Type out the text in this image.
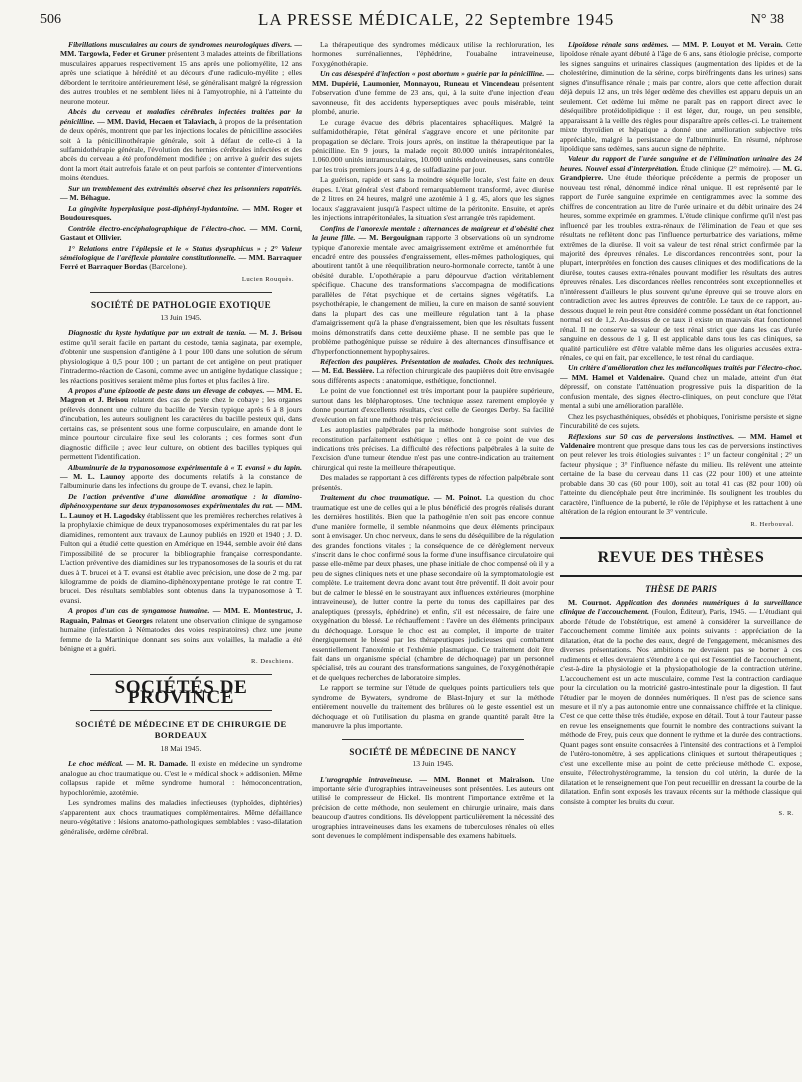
506	LA PRESSE MÉDICALE, 22 Septembre 1945	N° 38

Fibrillations musculaires au cours de syndromes neurologiques divers. — MM. Targowla, Feder et Gruner présentent 3 malades atteints de fibrillations musculaires apparues respectivement 15 ans après une poliomyélite, 12 ans après une sciatique à hérédité et au décours d'une radiculo-myélite ; elles débordent le territoire antérieurement lésé, se généralisant malgré la régression des autres troubles et ne semblent liées ni à l'amyotrophie, ni à l'atteinte du neurone moteur.

Abcès du cerveau et maladies cérébrales infectées traitées par la pénicilline. — MM. David, Hecaen et Talaviach, à propos de la présentation de deux opérés, montrent que par les injections locales de pénicilline associées soit à la pénicillinothérapie générale, soit à défaut de celle-ci à la sulfamidothérapie générale, l'évolution des hernies cérébrales infectées et des abcès du cerveau a été profondément modifiée ; on arrive à guérir des sujets dont la mort était autrefois fatale et on peut parfois se contenter d'interventions moins étendues.

Sur un tremblement des extrémités observé chez les prisonniers rapatriés. — M. Béhague.

La gingivite hyperplasique post-diphényl-hydantoïne. — MM. Roger et Boudouresques.

Contrôle électro-encéphalographique de l'électro-choc. — MM. Corni, Gastaut et Ollivier.

1° Relations entre l'épilepsie et le « Status dysraphicus » ; 2° Valeur séméiologique de l'aréflexie plantaire constitutionnelle. — MM. Barraquer Ferré et Barraquer Bordas (Barcelone).

Lucien Rouquès.

SOCIÉTÉ DE PATHOLOGIE EXOTIQUE
13 Juin 1945.

Diagnostic du kyste hydatique par un extrait de tænia. — M. J. Brisou estime qu'il serait facile en partant du cestode, tænia saginata, par exemple, d'obtenir une suspension d'antigène à 1 pour 100 dans une solution de sérum physiologique à 0,5 pour 100 ; un partant de cet antigène on peut pratiquer l'intradermo-réaction de Casoni, comme avec un antigène hydatique classique ; les réactions positives seraient même plus fortes et plus faciles à lire.

A propos d'une épizootie de peste dans un élevage de cobayes. — MM. E. Magron et J. Brisou relatent des cas de peste chez le cobaye ; les organes prélevés donnent une culture du bacille de Yersin typique après 6 à 8 jours d'incubation, les auteurs soulignent les caractères du bacille pesteux qui, dans certains cas, se présentent sous une forme corpusculaire, en amande dont le mince pourtour circulaire fixe seul les colorants ; ces formes sont d'un diagnostic difficile ; avec leur culture, on obtient des bacilles typiques qui permettent l'identification.

Albuminurie de la trypanosomose expérimentale à « T. evansi » du lapin. — M. L. Launoy apporte des documents relatifs à la constance de l'albuminurie dans les infections du groupe de T. evansi, chez le lapin.

De l'action préventive d'une diamidine aromatique : la diamino-diphénoxypentane sur deux trypanosomoses expérimentales du rat. — MM. L. Launoy et H. Lagodsky établissent que les premières recherches relatives à la prophylaxie chimique de deux trypanosomoses expérimentales du rat par les diamidines, remontent aux travaux de Launoy publiés en 1920 et 1940 ; J. D. Fulton qui a étudié cette question en Amérique en 1944, semble avoir été dans l'impossibilité de se procurer la bibliographie française correspondante. L'action préventive des diamidines sur les trypanosomoses de la souris et du rat dues à T. brucei et à T. evansi est établie avec précision, une dose de 2 mg. par kilogramme de poids de diamino-diphénoxypentane protège le rat contre T. brucei. Des résultats semblables sont obtenus dans la trypanosomose à T. evansi.

A propos d'un cas de syngamose humaine. — MM. E. Montestruc, J. Raguain, Palmas et Georges relatent une observation clinique de syngamose humaine (infestation à Nématodes des voies respiratoires) chez une jeune femme de la Martinique donnant ses soins aux volailles, la maladie a été bénigne et a guéri.

R. Deschiens.

SOCIÉTÉS DE PROVINCE
SOCIÉTÉ DE MÉDECINE ET DE CHIRURGIE DE BORDEAUX
18 Mai 1945.

Le choc médical. — M. R. Damade. Il existe en médecine un syndrome analogue au choc traumatique ou. C'est le « médical shock » addisonien. Même collapsus rapide et même syndrome humoral : hémoconcentration, hypochlorémie, azotémie.

Les syndromes malins des maladies infectieuses (typhoïdes, diphtéries) s'apparentent aux chocs traumatiques complémentaires. Même défaillance neuro-végétative : lésions anatomo-pathologiques semblables : vaso-dilatation généralisée, œdème cérébral.

La thérapeutique des syndromes médicaux utilise la rechloruration, les hormones surrénaliennes, l'éphédrine, l'ouabaïne intraveineuse, l'oxygénothérapie.

Un cas désespéré d'infection « post abortum » guérie par la pénicilline. — MM. Dupérié, Laumonier, Monnayou, Runeau et Vincendeau présentent l'observation d'une femme de 23 ans, qui, à la suite d'une injection d'eau savonneuse, fit des accidents hyperseptiques avec pouls misérable, teint plombé, anurie.

Le curage évacue des débris placentaires sphacéliques. Malgré la sulfamidothérapie, l'état général s'aggrave encore et une péritonite par propagation se déclare. Trois jours après, on institue la thérapeutique par la pénicilline. En 9 jours, la malade reçoit 80.000 unités intrapéritonéales, 1.060.000 unités intramusculaires, 10.000 unités endoveineuses, sans contrôle par les trois premiers jours à 4 g. de sulfadiazine par jour.

La guérison, rapide et sans la moindre séquelle locale, s'est faite en deux étapes. L'état général s'est d'abord remarquablement transformé, avec diurèse de 2 litres en 24 heures, malgré une azotémie à 1 g. 45, alors que les signes locaux s'aggravaient jusqu'à l'aspect ultime de la péritonite. Ensuite, et après les injections intrapéritonéales, la situation s'est arrangée très rapidement.

Confins de l'anorexie mentale : alternances de maigreur et d'obésité chez la jeune fille. — M. Bergouignan rapporte 3 observations où un syndrome typique d'anorexie mentale avec amaigrissement extrême et aménorrhée fut encadré entre des poussées d'engraissement, elles-mêmes pathologiques, qui aboutirent tantôt à une réequilibration neuro-hormonale correcte, tantôt à une obésité durable. L'opothérapie a paru dépourvue d'action véritablement spécifique. Chacune des transformations s'accompagna de modifications parallèles de l'état psychique et de certains signes végétatifs. La psychothérapie, le changement de milieu, la cure en maison de santé souvient dans la plupart des cas une meilleure régulation tant à la phase d'amaigrissement qu'à la phase d'engraissement, bien que les résultats fussent moins démonstratifs dans cette deuxième phase. Il ne semble pas que le problème pathogénique puisse se réduire à des alternances d'insuffisance et d'hyperfonctionnement hypophysaires.

Réfection des paupières. Présentation de malades. Choix des techniques. — M. Ed. Bessière. La réfection chirurgicale des paupières doit être envisagée sous différents aspects : anatomique, esthétique, fonctionnel.

Le point de vue fonctionnel est très important pour la paupière supérieure, surtout dans les blépharoptoses. Une technique assez rarement employée y donne pourtant d'excellents résultats, c'est celle de Georges Derby. Sa facilité d'exécution en fait une méthode très précieuse.

Les autoplasties palpébrales par la méthode hongroise sont suivies de reconstitution parfaitement esthétique ; elles ont à ce point de vue des indications très précises. La difficulté des réfections palpébrales à la suite de l'excision d'une tumeur étendue n'est pas une contre-indication au traitement chirurgical qui reste la meilleure thérapeutique.

Des malades se rapportant à ces différents types de réfection palpébrale sont présentés.

Traitement du choc traumatique. — M. Poinot. La question du choc traumatique est une de celles qui a le plus bénéficié des progrès réalisés durant les dernières hostilités. Bien que la pathogénie n'en soit pas encore connue d'une manière formelle, il semble néanmoins que deux éléments principaux sont à envisager. Un choc nerveux, dans le sens du déséquilibre de la régulation des grandes fonctions vitales ; la conséquence de ce dérèglement nerveux s'inscrit dans le choc confirmé sous la forme d'une insuffisance circulatoire qui passe elle-même par deux phases, une phase initiale de choc compensé où il y a peu de signes cliniques nets et une phase secondaire où la symptomatologie est complète. Le traitement devra donc avant tout être préventif. Il doit avoir pour but de calmer le blessé en le soustrayant aux influences extérieures (morphine intraveineuse), de lutter contre la perte du tonus des capillaires par des analeptiques (pressyls, éphédrine) et enfin, s'il est nécessaire, de faire une oxygénation du blessé. Le réchauffement : l'avère un des éléments principaux du déchoquage. Lorsque le choc est au complet, il importe de traiter énergiquement le blessé par les thérapeutiques judicieuses qui combattent essentiellement l'anoxémie et l'exhémie plasmatique. Ce traitement doit être fait dans un organisme spécial (chambre de déchoquage) par un personnel spécialisé, très au courant des transformations sanguines, de l'oxygénothérapie et de quelques recherches de laboratoire simples.

Le rapport se termine sur l'étude de quelques points particuliers tels que syndrome de Bywaters, syndrome de Blast-Injury et sur la méthode entièrement nouvelle du traitement des brûlures où le geste essentiel est un déchoquage et où l'utilisation du plasma en grande quantité paraît être la manœuvre la plus importante.

SOCIÉTÉ DE MÉDECINE DE NANCY
13 Juin 1945.

L'urographie intraveineuse. — MM. Bonnet et Mairaison. Une importante série d'urographies intraveineuses sont présentées. Les auteurs ont utilisé le compresseur de Hickel. Ils montrent l'importance extrême et la précision de cette méthode, non seulement en chirurgie urinaire, mais dans beaucoup d'autres conditions. Ils développent particulièrement la nécessité des urographies intraveineuses dans les examens de tuberculoses rénales où elles sont devenues le complément indispensable des examens habituels.

Lipoïdose rénale sans œdèmes. — MM. P. Louyot et M. Verain. Cette lipoïdose rénale ayant débuté à l'âge de 6 ans, sans étiologie précise, comporte les signes sanguins et urinaires classiques (augmentation des lipides et de la cholestérine, diminution de la sérine, corps biréfringents dans les urines) sans signes d'insuffisance rénale ; mais par contre, alors que cette affection durait déjà depuis 12 ans, un très léger œdème des chevilles est apparu depuis un an seulement. Cet œdème lui même ne paraît pas en rapport direct avec le déséquilibre protéidolipidique : il est léger, dur, rouge, un peu sensible, apparaissant à la veille des règles pour disparaître après celles-ci. Le traitement mixte thyroïdien et hépatique a donné une amélioration subjective très appréciable, malgré la persistance de l'albuminurie. En résumé, néphrose lipoïdique sans œdèmes, sans aucun signe de néphrite.

Valeur du rapport de l'urée sanguine et de l'élimination urinaire des 24 heures. Nouvel essai d'interprétation. Étude clinique (2° mémoire). — M. G. Grandpierre. Une étude théorique précédente a permis de proposer un nouveau test rénal, dénommé indice rénal unique. Il est représenté par le rapport de l'urée sanguine exprimée en centigrammes avec la somme des chiffres de concentration au litre de l'urée urinaire et du débit urinaire des 24 heures, somme exprimée en grammes. L'étude clinique confirme qu'il n'est pas influencé par les troubles extra-rénaux de l'élimination de l'eau et que ses résultats ne reflètent donc pas l'influence perturbatrice des variations, même extrêmes de la diurèse. Il voit sa valeur de test rénal strict confirmée par la majorité des épreuves rénales. Le discordances rencontrées sont, pour la plupart, interprétées en fonction des causes cliniques et des modifications de la diurèse, toutes causes extra-rénales pouvant modifier les résultats des autres épreuves rénales. Les discordances réelles rencontrées sont exceptionnelles et n'intéressent d'ailleurs le plus souvent qu'une épreuve qui se trouve alors en contradiction avec les autres épreuves de contrôle. Le taux de ce rapport, au-dessous duquel le rein peut être considéré comme possédant un état fonctionnel normal est de 1,2. Au-dessus de ce taux il existe un mauvais état fonctionnel rénal. Il ne conserve sa valeur de test rénal strict que dans les cas d'urée sanguine en dessous de 1 g. Il est applicable dans tous les cas cliniques, sa qualité particulière est d'être valable même dans les oliguries accusées extra-rénales, ce qui en fait, par excellence, le test rénal du cardiaque.

Un critère d'amélioration chez les mélancoliques traités par l'électro-choc. — MM. Hamel et Valdenaire. Quand chez un malade, atteint d'un état dépressif, on constate l'atténuation progressive puis la disparition de la confusion mentale, des signes électro-cliniques, on peut conclure que l'état mental a subi une amélioration parallèle.

Chez les psychasthéniques, obsédés et phobiques, l'onirisme persiste et signe l'incurabilité de ces sujets.

Réflexions sur 50 cas de perversions instinctives. — MM. Hamel et Valdenaire montrent que presque dans tous les cas de perversions instinctives on peut relever les trois étiologies suivantes : 1° un facteur congénital ; 2° un facteur physique ; 3° l'influence néfaste du milieu. Ils relèvent une atteinte certaine de la base du cerveau dans 11 cas (22 pour 100) et une atteinte probable dans 30 cas (60 pour 100), soit au total 41 cas (82 pour 100) où l'atteinte du diencéphale peut être incriminée. Ils soulignent les troubles du caractère, l'influence de la puberté, le rôle de l'épiphyse et les rattachent à une altération de la région entourant le 3° ventricule.

R. Herbouval.

REVUE DES THÈSES
THÈSE DE PARIS

M. Cournot. Application des données numériques à la surveillance clinique de l'accouchement. (Foulon, Éditeur), Paris, 1945. — L'étudiant qui aborde l'étude de l'obstétrique, est amené à considérer la surveillance de l'accouchement comme limitée aux points suivants : appréciation de la dilatation, état de la poche des eaux, degré de l'engagement, mécanismes des diverses présentations. Nos ambitions ne devraient pas se borner à ces rudiments et elles devraient s'étendre à ce qui est l'essentiel de l'accouchement, c'est-à-dire la physiologie et la physiopathologie de la contraction utérine. L'accouchement est un acte musculaire, comme l'est la contraction cardiaque pour la circulation ou la motricité gastro-intestinale pour la digestion. Il faut l'étudier par le moyen de données numériques. Il n'est pas de science sans mesure et il n'y a pas autonomie entre une connaissance chiffrée et la clinique. C'est ce que cette thèse très étudiée, expose en détail. Tout à tour l'auteur passe en revue les enseignements que fournit le nombre des contractions suivant la méthode de Frey, puis ceux que donnent le rythme et la durée des contractions. Quant pages sont ensuite consacrées à l'intensité des contractions et à l'emploi de l'utéro-tonomètre, à ses applications cliniques et surtout thérapeutiques ; c'est une excellente mise au point de cette précieuse méthode C. expose, ensuite, l'électrohystérogramme, la tension du col utérin, la durée de la dilatation et le renseignement que l'on peut recueillir en dressant la courbe de la dilatation. Enfin sont exposés les travaux récents sur la méthode classique qui consiste à compter les bruits du cœur.

S. R.
